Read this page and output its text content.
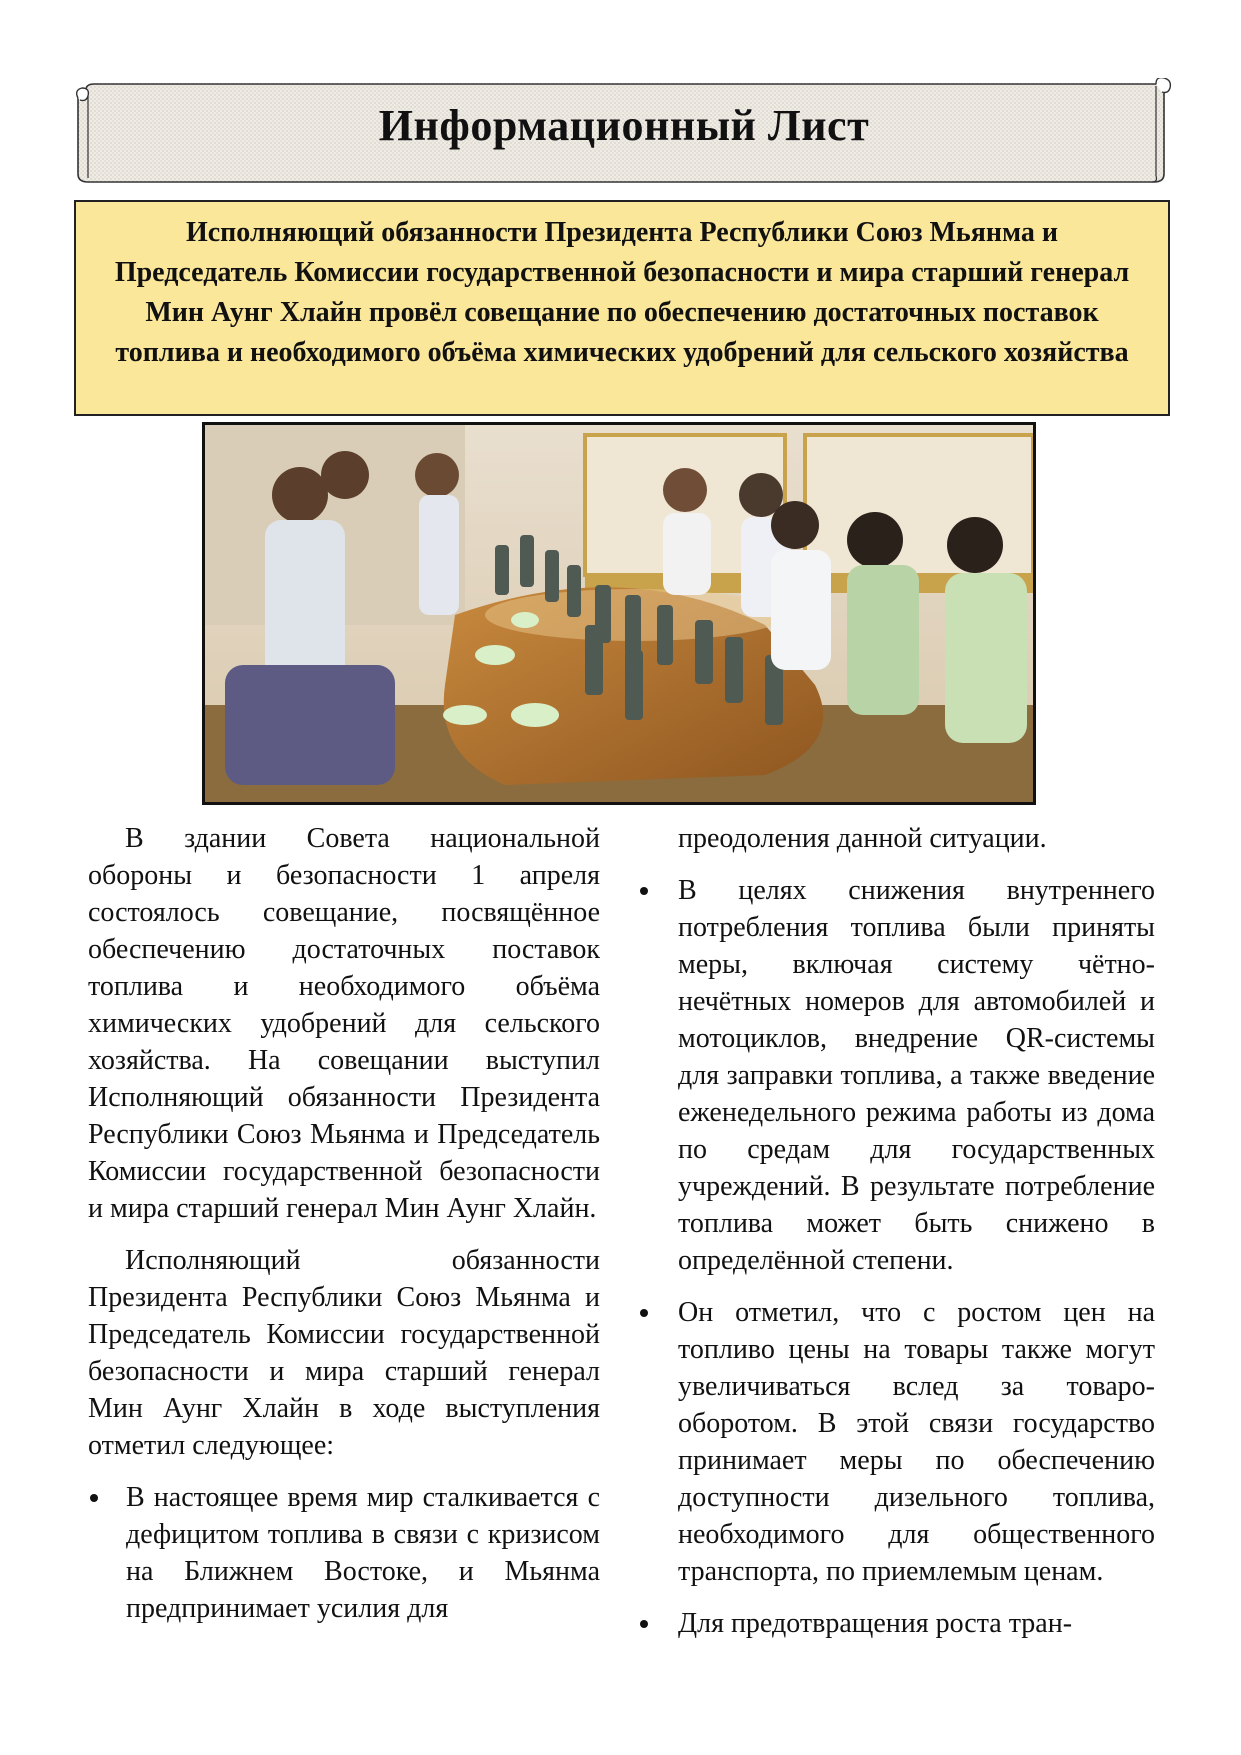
Информационный Лист
Исполняющий обязанности Президента Республики Союз Мьянма и Председатель Комиссии государственной безопасности и мира старший генерал Мин Аунг Хлайн провёл совещание по обеспечению достаточных поставок топлива и необходимого объёма химических удобрений для сельского хозяйства

В здании Совета национальной обороны и безопасности 1 апреля состоялось совещание, посвящённое обеспечению достаточных поставок топлива и необходимого объёма химических удобрений для сельского хозяйства. На совещании выступил Исполняющий обязанности Президента Республики Союз Мьянма и Председатель Комиссии государственной безопасности и мира старший генерал Мин Аунг Хлайн.

Исполняющий обязанности Президента Республики Союз Мьянма и Председатель Комиссии государственной безопасности и мира старший генерал Мин Аунг Хлайн в ходе выступления отметил следующее:

В настоящее время мир сталкивается с дефицитом топлива в связи с кризисом на Ближнем Востоке, и Мьянма предпринимает усилия для

преодоления данной ситуации.

В целях снижения внутреннего потребления топлива были приняты меры, включая систему чётно-нечётных номеров для автомобилей и мотоциклов, внедрение QR-системы для заправки топлива, а также введение еженедельного режима работы из дома по средам для государственных учреждений. В результате потребление топлива может быть снижено в определённой степени.
Он отметил, что с ростом цен на топливо цены на товары также могут увеличиваться вслед за товаро-оборотом. В этой связи государство принимает меры по обеспечению доступности дизельного топлива, необходимого для общественного транспорта, по приемлемым ценам.
Для предотвращения роста тран-
